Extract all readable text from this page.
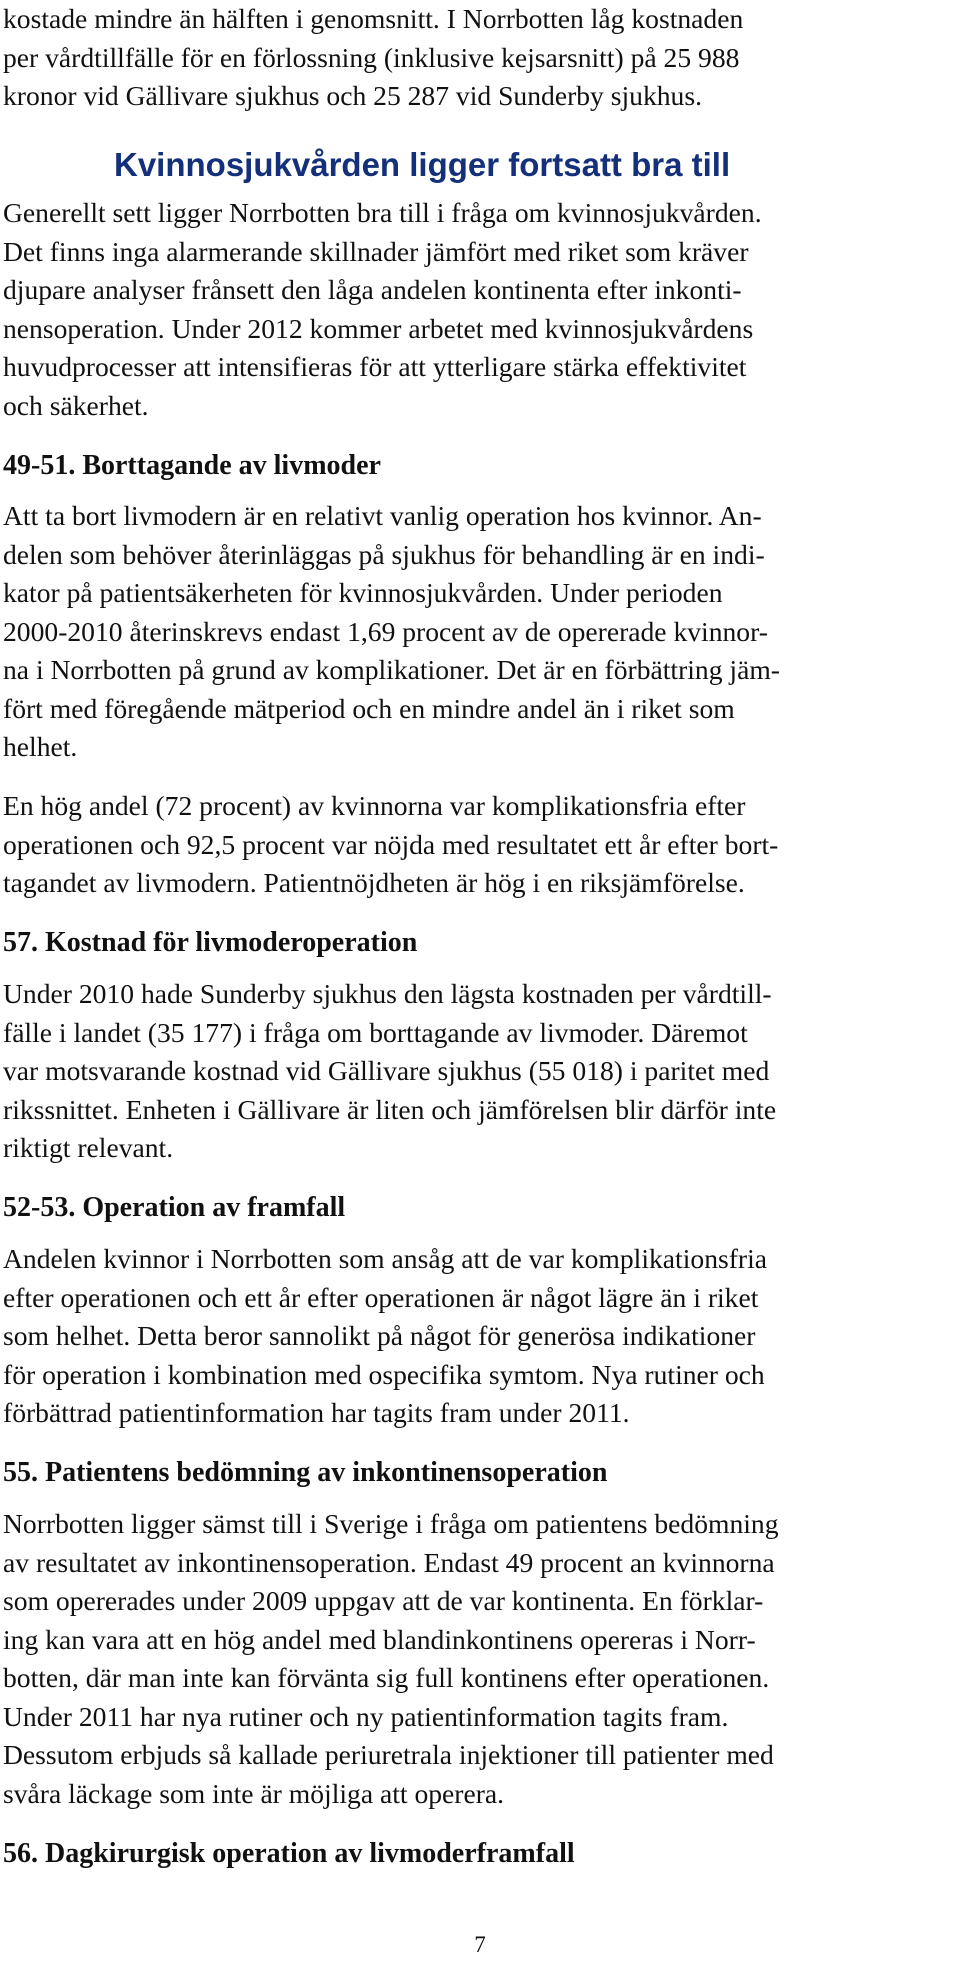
kostade mindre än hälften i genomsnitt. I Norrbotten låg kostnaden
per vårdtillfälle för en förlossning (inklusive kejsarsnitt) på 25 988
kronor vid Gällivare sjukhus och 25 287 vid Sunderby sjukhus.
Kvinnosjukvården ligger fortsatt bra till
Generellt sett ligger Norrbotten bra till i fråga om kvinnosjukvården.
Det finns inga alarmerande skillnader jämfört med riket som kräver
djupare analyser frånsett den låga andelen kontinenta efter inkonti-
nensoperation. Under 2012 kommer arbetet med kvinnosjukvårdens
huvudprocesser att intensifieras för att ytterligare stärka effektivitet
och säkerhet.
49-51. Borttagande av livmoder
Att ta bort livmodern är en relativt vanlig operation hos kvinnor. An-
delen som behöver återinläggas på sjukhus för behandling är en indi-
kator på patientsäkerheten för kvinnosjukvården. Under perioden
2000-2010 återinskrevs endast 1,69 procent av de opererade kvinnor-
na i Norrbotten på grund av komplikationer. Det är en förbättring jäm-
fört med föregående mätperiod och en mindre andel än i riket som
helhet.
En hög andel (72 procent) av kvinnorna var komplikationsfria efter
operationen och 92,5 procent var nöjda med resultatet ett år efter bort-
tagandet av livmodern. Patientnöjdheten är hög i en riksjämförelse.
57. Kostnad för livmoderoperation
Under 2010 hade Sunderby sjukhus den lägsta kostnaden per vårdtill-
fälle i landet (35 177) i fråga om borttagande av livmoder. Däremot
var motsvarande kostnad vid Gällivare sjukhus (55 018) i paritet med
rikssnittet. Enheten i Gällivare är liten och jämförelsen blir därför inte
riktigt relevant.
52-53. Operation av framfall
Andelen kvinnor i Norrbotten som ansåg att de var komplikationsfria
efter operationen och ett år efter operationen är något lägre än i riket
som helhet. Detta beror sannolikt på något för generösa indikationer
för operation i kombination med ospecifika symtom. Nya rutiner och
förbättrad patientinformation har tagits fram under 2011.
55. Patientens bedömning av inkontinensoperation
Norrbotten ligger sämst till i Sverige i fråga om patientens bedömning
av resultatet av inkontinensoperation. Endast 49 procent an kvinnorna
som opererades under 2009 uppgav att de var kontinenta. En förklar-
ing kan vara att en hög andel med blandinkontinens opereras i Norr-
botten, där man inte kan förvänta sig full kontinens efter operationen.
Under 2011 har nya rutiner och ny patientinformation tagits fram.
Dessutom erbjuds så kallade periuretrala injektioner till patienter med
svåra läckage som inte är möjliga att operera.
56. Dagkirurgisk operation av livmoderframfall
7
